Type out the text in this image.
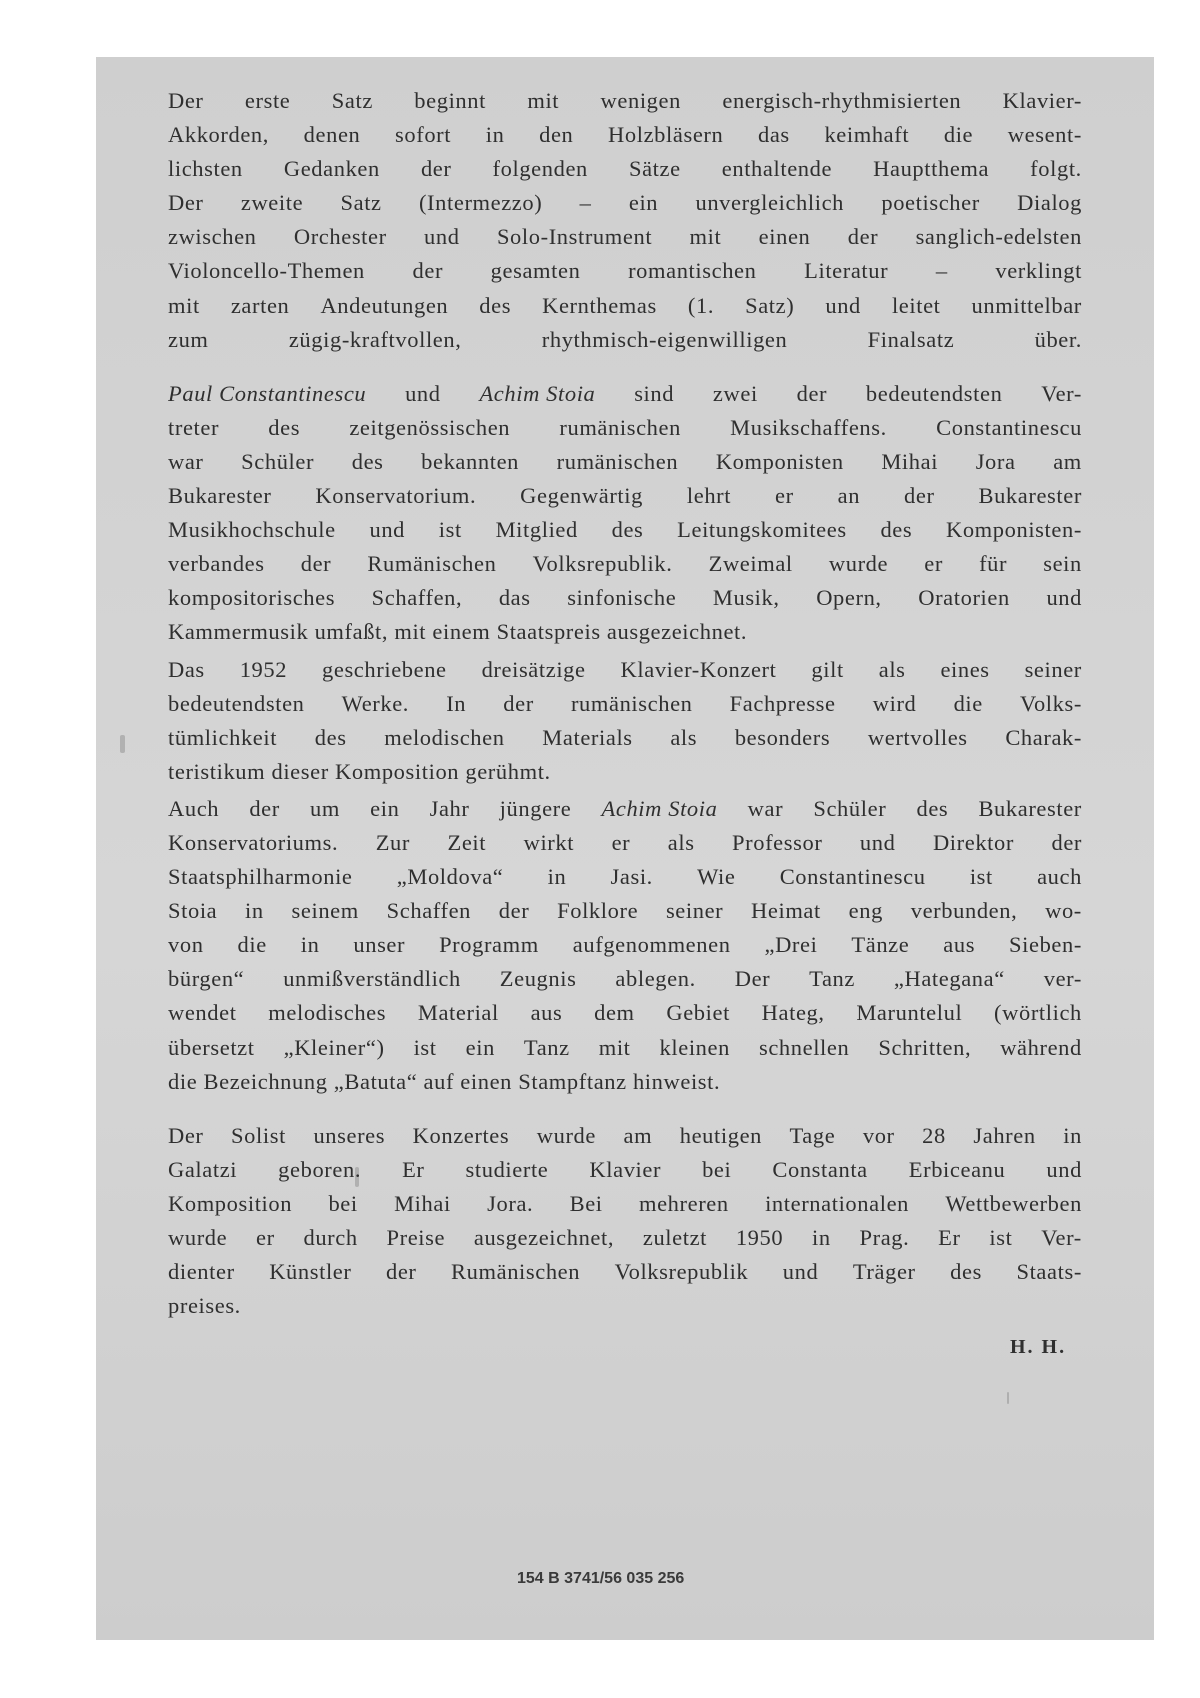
Der erste Satz beginnt mit wenigen energisch-rhythmisierten Klavier-
Akkorden, denen sofort in den Holzbläsern das keimhaft die wesent-
lichsten Gedanken der folgenden Sätze enthaltende Hauptthema folgt.
Der zweite Satz (Intermezzo) – ein unvergleichlich poetischer Dialog
zwischen Orchester und Solo-Instrument mit einen der sanglich-edelsten
Violoncello-Themen der gesamten romantischen Literatur – verklingt
mit zarten Andeutungen des Kernthemas (1. Satz) und leitet unmittelbar
zum	zügig-kraftvollen,	rhythmisch-eigenwilligen	Finalsatz	über.
Paul Constantinescu und Achim Stoia sind zwei der bedeutendsten Ver-
treter des zeitgenössischen rumänischen Musikschaffens. Constantinescu
war Schüler des bekannten rumänischen Komponisten Mihai Jora am
Bukarester Konservatorium. Gegenwärtig lehrt er an der Bukarester
Musikhochschule und ist Mitglied des Leitungskomitees des Komponisten-
verbandes der Rumänischen Volksrepublik. Zweimal wurde er für sein
kompositorisches Schaffen, das sinfonische Musik, Opern, Oratorien und
Kammermusik umfaßt, mit einem Staatspreis ausgezeichnet.
Das 1952 geschriebene dreisätzige Klavier-Konzert gilt als eines seiner
bedeutendsten Werke. In der rumänischen Fachpresse wird die Volks-
tümlichkeit des melodischen Materials als besonders wertvolles Charak-
teristikum dieser Komposition gerühmt.
Auch der um ein Jahr jüngere Achim Stoia war Schüler des Bukarester
Konservatoriums. Zur Zeit wirkt er als Professor und Direktor der
Staatsphilharmonie „Moldova“ in Jasi. Wie Constantinescu ist auch
Stoia in seinem Schaffen der Folklore seiner Heimat eng verbunden, wo-
von die in unser Programm aufgenommenen „Drei Tänze aus Sieben-
bürgen“ unmißverständlich Zeugnis ablegen. Der Tanz „Hategana“ ver-
wendet melodisches Material aus dem Gebiet Hateg, Maruntelul (wörtlich
übersetzt „Kleiner“) ist ein Tanz mit kleinen schnellen Schritten, während
die Bezeichnung „Batuta“ auf einen Stampftanz hinweist.
Der Solist unseres Konzertes wurde am heutigen Tage vor 28 Jahren in
Galatzi geboren. Er studierte Klavier bei Constanta Erbiceanu und
Komposition bei Mihai Jora. Bei mehreren internationalen Wettbewerben
wurde er durch Preise ausgezeichnet, zuletzt 1950 in Prag. Er ist Ver-
dienter Künstler der Rumänischen Volksrepublik und Träger des Staats-
preises.
H. H.
154 B 3741/56 035 256
